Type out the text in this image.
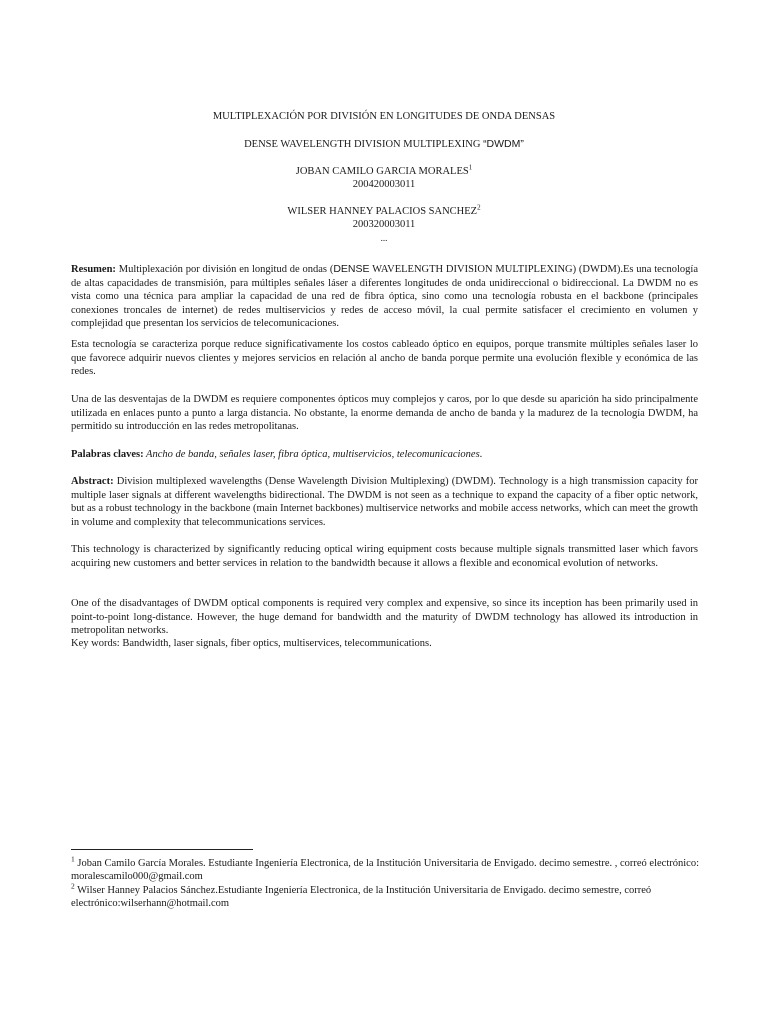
MULTIPLEXACIÓN POR DIVISIÓN EN LONGITUDES DE ONDA DENSAS
DENSE WAVELENGTH DIVISION MULTIPLEXING “DWDM”
JOBAN CAMILO GARCIA MORALES$^1$
200420003011
WILSER HANNEY PALACIOS SANCHEZ$^2$
200320003011
...
Resumen: Multiplexación por división en longitud de ondas (DENSE WAVELENGTH DIVISION MULTIPLEXING) (DWDM).Es una tecnología de altas capacidades de transmisión, para múltiples señales láser a diferentes longitudes de onda unidireccional o bidireccional. La DWDM no es vista como una técnica para ampliar la capacidad de una red de fibra óptica, sino como una tecnología robusta en el backbone (principales conexiones troncales de internet) de redes multiservicios y redes de acceso móvil, la cual permite satisfacer el crecimiento en volumen y complejidad que presentan los servicios de telecomunicaciones.
Esta tecnología se caracteriza porque reduce significativamente los costos cableado óptico en equipos, porque transmite múltiples señales laser lo que favorece adquirir nuevos clientes y mejores servicios en relación al ancho de banda porque permite una evolución flexible y económica de las redes.
Una de las desventajas de la DWDM es requiere componentes ópticos muy complejos y caros, por lo que desde su aparición ha sido principalmente utilizada en enlaces punto a punto a larga distancia. No obstante, la enorme demanda de ancho de banda y la madurez de la tecnología DWDM, ha permitido su introducción en las redes metropolitanas.
Palabras claves: Ancho de banda, señales laser, fibra óptica, multiservicios, telecomunicaciones.
Abstract: Division multiplexed wavelengths (Dense Wavelength Division Multiplexing) (DWDM). Technology is a high transmission capacity for multiple laser signals at different wavelengths bidirectional. The DWDM is not seen as a technique to expand the capacity of a fiber optic network, but as a robust technology in the backbone (main Internet backbones) multiservice networks and mobile access networks, which can meet the growth in volume and complexity that telecommunications services.
This technology is characterized by significantly reducing optical wiring equipment costs because multiple signals transmitted laser which favors acquiring new customers and better services in relation to the bandwidth because it allows a flexible and economical evolution of networks.
One of the disadvantages of DWDM optical components is required very complex and expensive, so since its inception has been primarily used in point-to-point long-distance. However, the huge demand for bandwidth and the maturity of DWDM technology has allowed its introduction in metropolitan networks.
Key words: Bandwidth, laser signals, fiber optics, multiservices, telecommunications.
$^1$ Joban Camilo García Morales. Estudiante Ingeniería Electronica, de la Institución Universitaria de Envigado. decimo semestre. , correó electrónico: moralescamilo000@gmail.com
$^2$ Wilser Hanney Palacios Sánchez.Estudiante Ingeniería Electronica, de la Institución Universitaria de Envigado. decimo semestre, correó electrónico:wilserhann@hotmail.com
